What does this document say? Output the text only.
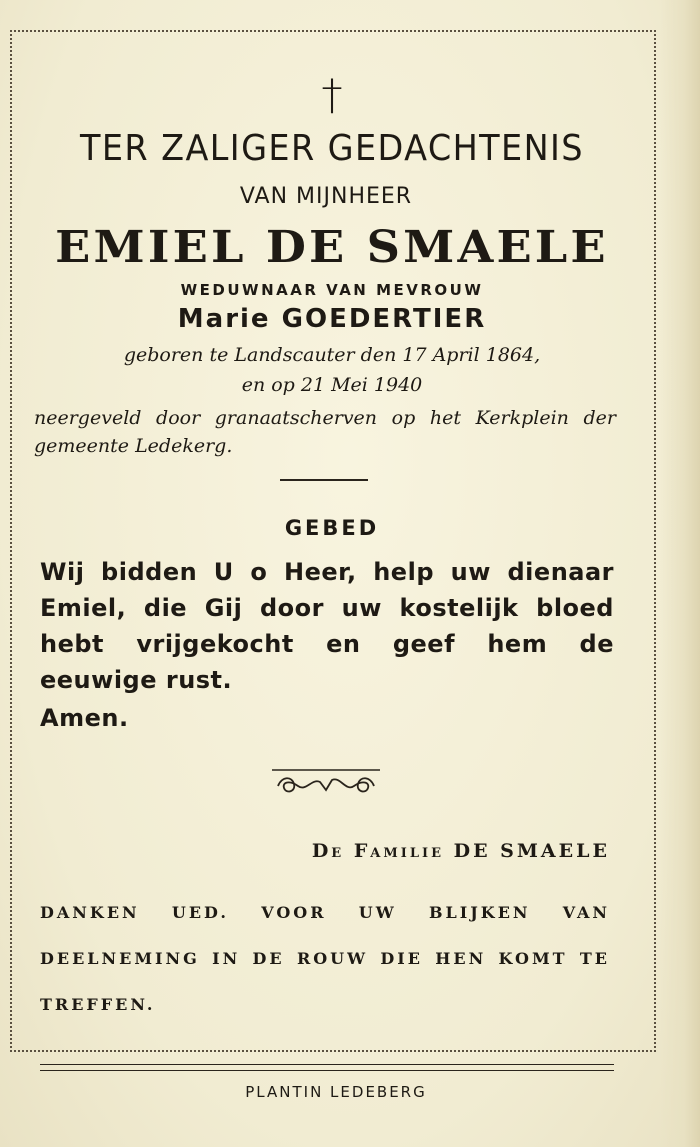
†
TER ZALIGER GEDACHTENIS
VAN MIJNHEER
EMIEL DE SMAELE
WEDUWNAAR VAN MEVROUW
Marie GOEDERTIER
geboren te Landscauter den 17 April 1864,
en op 21 Mei 1940
neergeveld door granaatscherven op het Kerkplein der gemeente Ledekerg.
GEBED
Wij bidden U o Heer, help uw dienaar Emiel, die Gij door uw kostelijk bloed hebt vrijgekocht en geef hem de eeuwige rust.
Amen.
De Familie DE SMAELE
DANKEN UED. VOOR UW BLIJKEN VAN DEELNEMING IN DE ROUW DIE HEN KOMT TE TREFFEN.
PLANTIN LEDEBERG
